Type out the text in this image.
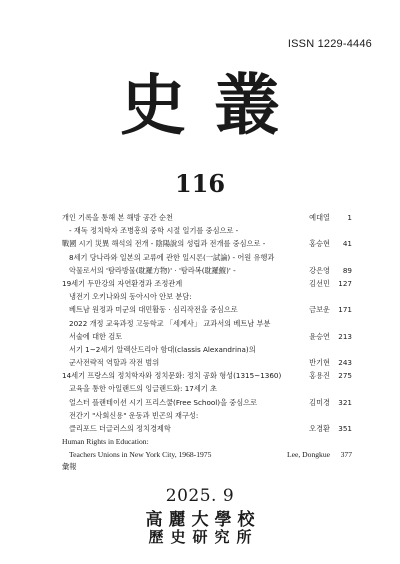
ISSN 1229-4446
史叢
116
개인 기록을 통해 본 해방 공간 순천	예대열 1
- 재독 정치학자 조병흥의 중학 시절 일기를 중심으로 -
戰國 시기 災異 해석의 전개 - 陰陽說의 성립과 전개를 중심으로 -	홍승현 41
8세기 당나라와 일본의 교류에 관한 일시론(一試論) - 어원 유행과
악물로서의 '탐라방물(耽羅方物)' · '탐라복(耽羅鰒)' -	강은영 89
19세기 두만강의 자연환경과 조정관계	김선민 127
냉전기 오키나와의 동아시아 안보 분담:
베트남 원정과 미군의 대민활동 · 심리작전을 중심으로	금보운 171
2022 개정 교육과정 고등학교 「세계사」 교과서의 베트남 부분
서술에 대한 검토	윤승연 213
서기 1~2세기 알렉산드리아 함대(classis Alexandrina)의
군사전략적 역할과 작전 범위	반기현 243
14세기 프랑스의 정치학자와 정치문화: 정치 공화 형성(1315~1360)	홍용진 275
교육을 통한 아일랜드의 잉글랜드화: 17세기 초
얼스터 플랜테이션 시기 프리스쿨(Free School)을 중심으로	김미경 321
전간기 "사회신용" 운동과 빈곤의 재구성:
클리포드 더글러스의 정치경제학	오경환 351
Human Rights in Education:
Teachers Unions in New York City, 1968-1975	Lee, Dongkue 377
彙報
2025. 9
高麗大學校
歷史研究所
